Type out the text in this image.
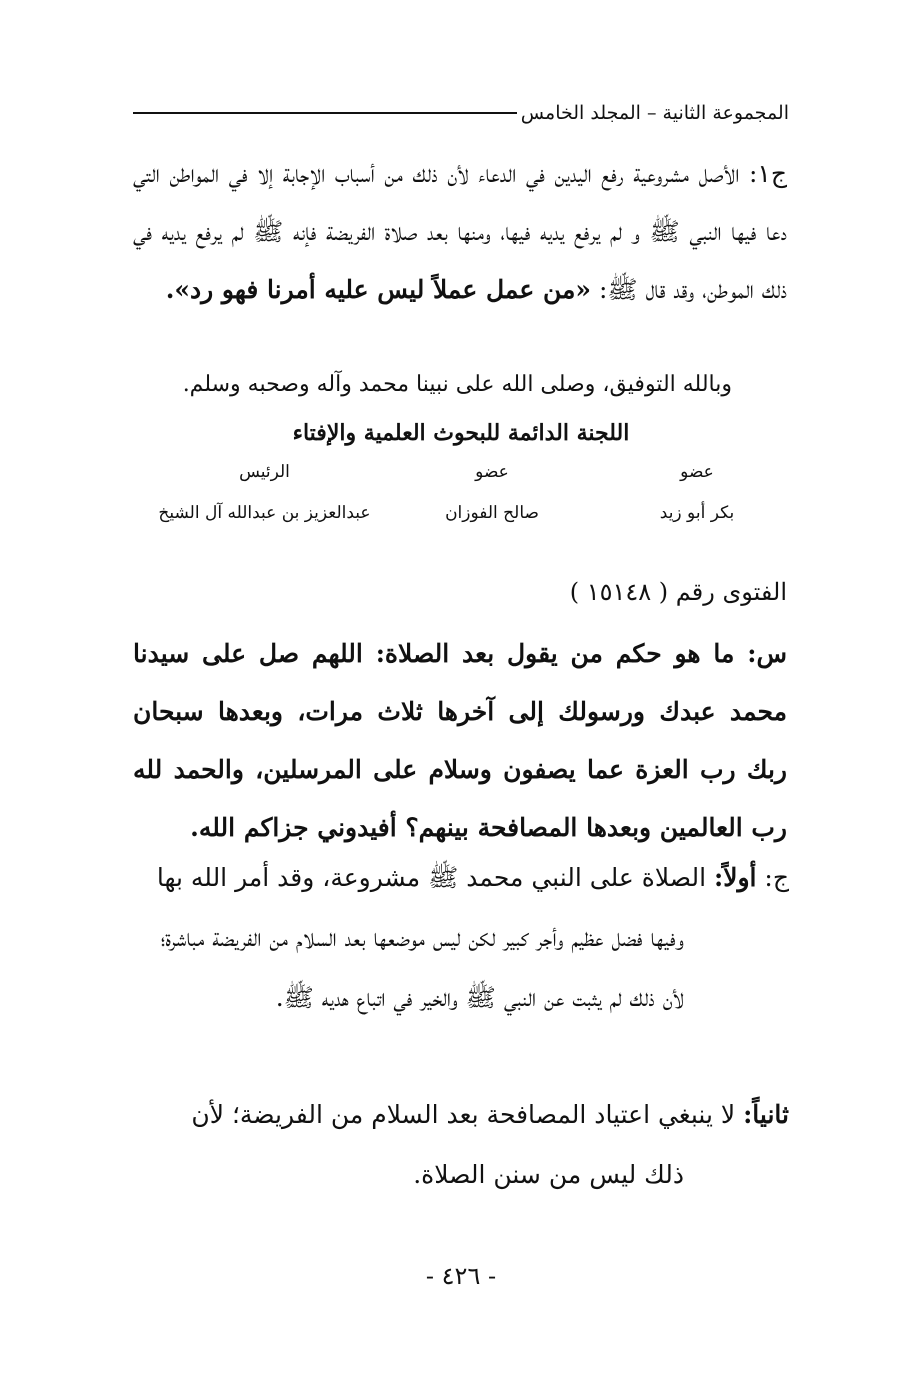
المجموعة الثانية – المجلد الخامس
ج١: الأصل مشروعية رفع اليدين في الدعاء لأن ذلك من أسباب الإجابة إلا في المواطن التي دعا فيها النبي ﷺ و لم يرفع يديه فيها، ومنها بعد صلاة الفريضة فإنه ﷺ لم يرفع يديه في ذلك الموطن، وقد قال ﷺ: «من عمل عملاً ليس عليه أمرنا فهو رد».
وبالله التوفيق، وصلى الله على نبينا محمد وآله وصحبه وسلم.
اللجنة الدائمة للبحوث العلمية والإفتاء
عضو
بكر أبو زيد
عضو
صالح الفوزان
الرئيس
عبدالعزيز بن عبدالله آل الشيخ
الفتوى رقم ( ١٥١٤٨ )
س: ما هو حكم من يقول بعد الصلاة: اللهم صل على سيدنا محمد عبدك ورسولك إلى آخرها ثلاث مرات، وبعدها سبحان ربك رب العزة عما يصفون وسلام على المرسلين، والحمد لله رب العالمين وبعدها المصافحة بينهم؟ أفيدوني جزاكم الله.
ج: أولاً: الصلاة على النبي محمد ﷺ مشروعة، وقد أمر الله بها
وفيها فضل عظيم وأجر كبير لكن ليس موضعها بعد السلام من الفريضة مباشرة؛ لأن ذلك لم يثبت عن النبي ﷺ والخير في اتباع هديه ﷺ.
ثانياً: لا ينبغي اعتياد المصافحة بعد السلام من الفريضة؛ لأن
ذلك ليس من سنن الصلاة.
- ٤٢٦ -
